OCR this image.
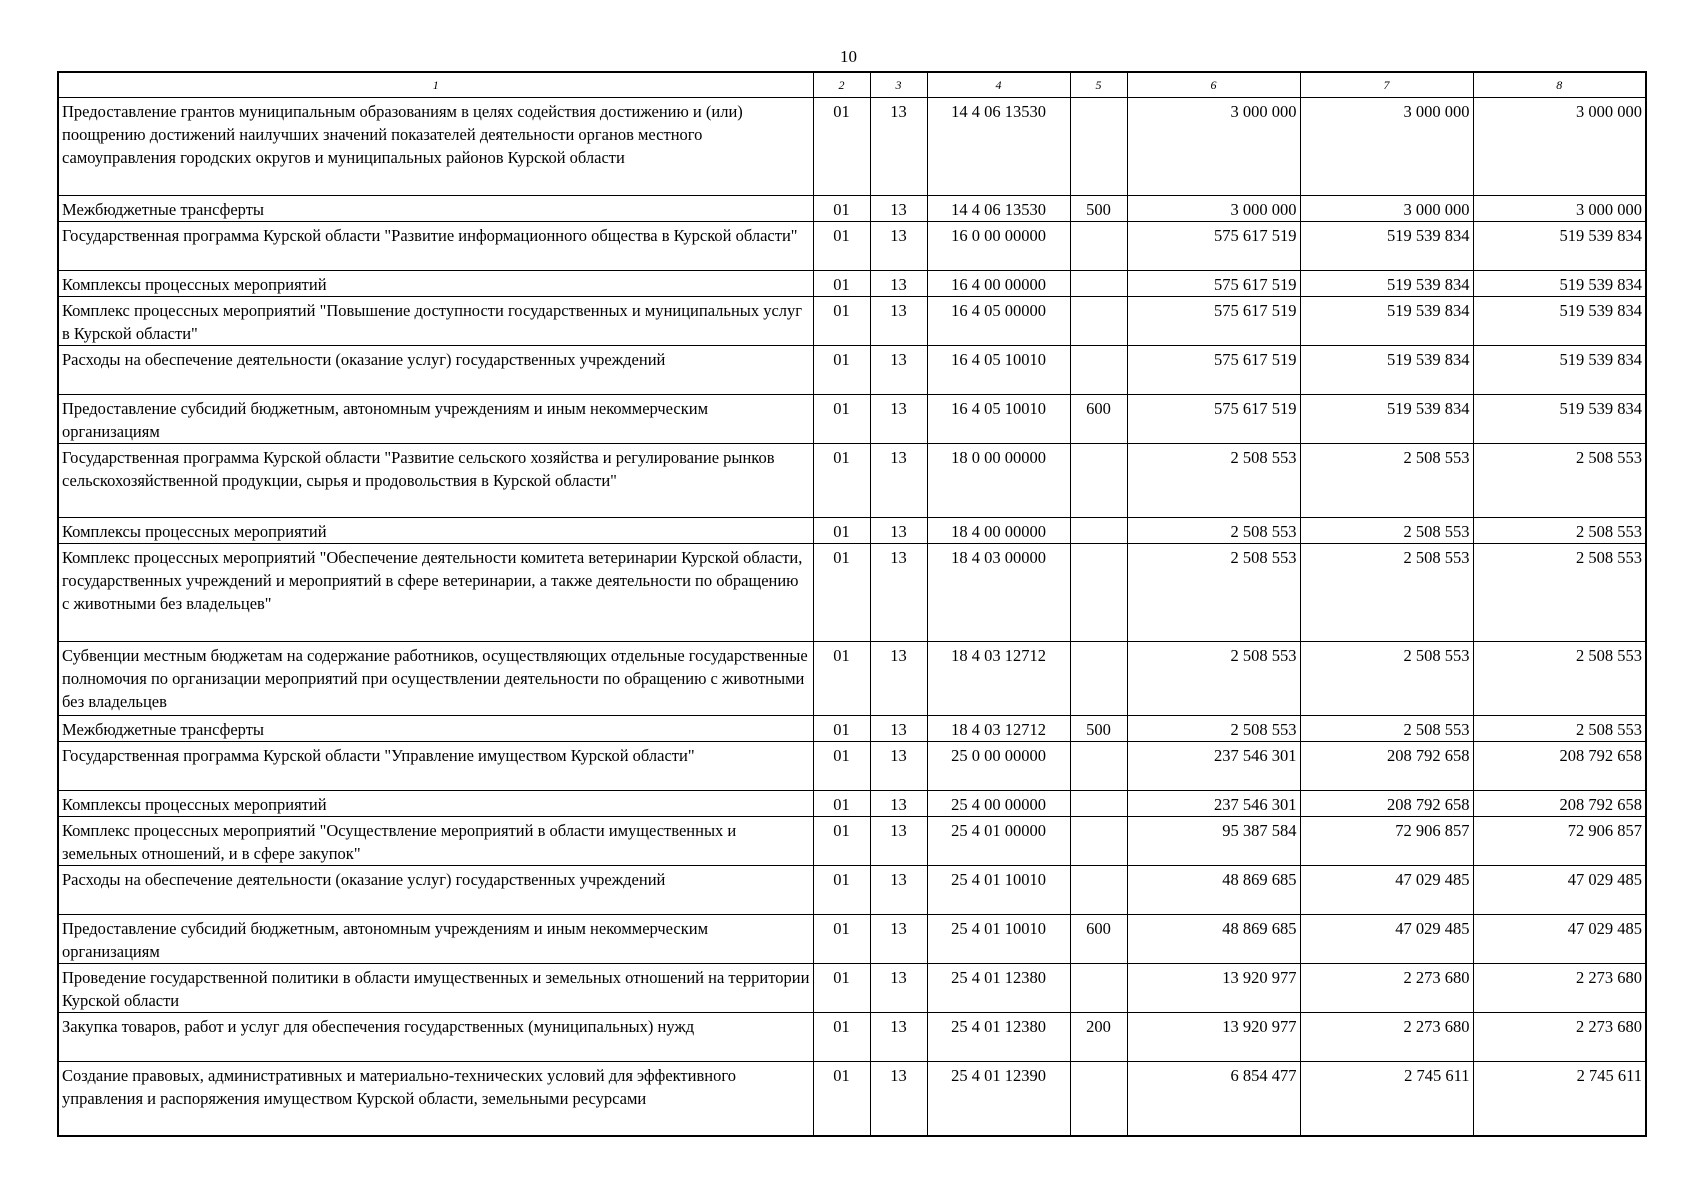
10
1	2	3	4	5	6	7	8
Предоставление грантов муниципальным образованиям в целях содействия достижению и (или) поощрению достижений наилучших значений показателей деятельности органов местного самоуправления городских округов и муниципальных районов Курской области	01	13	14 4 06 13530		3 000 000	3 000 000	3 000 000
Межбюджетные трансферты	01	13	14 4 06 13530	500	3 000 000	3 000 000	3 000 000
Государственная программа Курской области "Развитие информационного общества в Курской области"	01	13	16 0 00 00000		575 617 519	519 539 834	519 539 834
Комплексы процессных мероприятий	01	13	16 4 00 00000		575 617 519	519 539 834	519 539 834
Комплекс процессных мероприятий "Повышение доступности государственных и муниципальных услуг в Курской области"	01	13	16 4 05 00000		575 617 519	519 539 834	519 539 834
Расходы на обеспечение деятельности (оказание услуг) государственных учреждений	01	13	16 4 05 10010		575 617 519	519 539 834	519 539 834
Предоставление субсидий бюджетным, автономным учреждениям и иным некоммерческим организациям	01	13	16 4 05 10010	600	575 617 519	519 539 834	519 539 834
Государственная программа Курской области "Развитие сельского хозяйства и регулирование рынков сельскохозяйственной продукции, сырья и продовольствия в Курской области"	01	13	18 0 00 00000		2 508 553	2 508 553	2 508 553
Комплексы процессных мероприятий	01	13	18 4 00 00000		2 508 553	2 508 553	2 508 553
Комплекс процессных мероприятий "Обеспечение деятельности комитета ветеринарии Курской области, государственных учреждений и мероприятий в сфере ветеринарии, а также деятельности по обращению с животными без владельцев"	01	13	18 4 03 00000		2 508 553	2 508 553	2 508 553
Субвенции местным бюджетам на содержание работников, осуществляющих отдельные государственные полномочия по организации мероприятий при осуществлении деятельности по обращению с животными без владельцев	01	13	18 4 03 12712		2 508 553	2 508 553	2 508 553
Межбюджетные трансферты	01	13	18 4 03 12712	500	2 508 553	2 508 553	2 508 553
Государственная программа Курской области "Управление имуществом Курской области"	01	13	25 0 00 00000		237 546 301	208 792 658	208 792 658
Комплексы процессных мероприятий	01	13	25 4 00 00000		237 546 301	208 792 658	208 792 658
Комплекс процессных мероприятий "Осуществление мероприятий в области имущественных и земельных отношений, и в сфере закупок"	01	13	25 4 01 00000		95 387 584	72 906 857	72 906 857
Расходы на обеспечение деятельности (оказание услуг) государственных учреждений	01	13	25 4 01 10010		48 869 685	47 029 485	47 029 485
Предоставление субсидий бюджетным, автономным учреждениям и иным некоммерческим организациям	01	13	25 4 01 10010	600	48 869 685	47 029 485	47 029 485
Проведение государственной политики в области имущественных и земельных отношений на территории Курской области	01	13	25 4 01 12380		13 920 977	2 273 680	2 273 680
Закупка товаров, работ и услуг для обеспечения государственных (муниципальных) нужд	01	13	25 4 01 12380	200	13 920 977	2 273 680	2 273 680
Создание правовых, административных и материально-технических условий для эффективного управления и распоряжения имуществом Курской области, земельными ресурсами	01	13	25 4 01 12390		6 854 477	2 745 611	2 745 611
